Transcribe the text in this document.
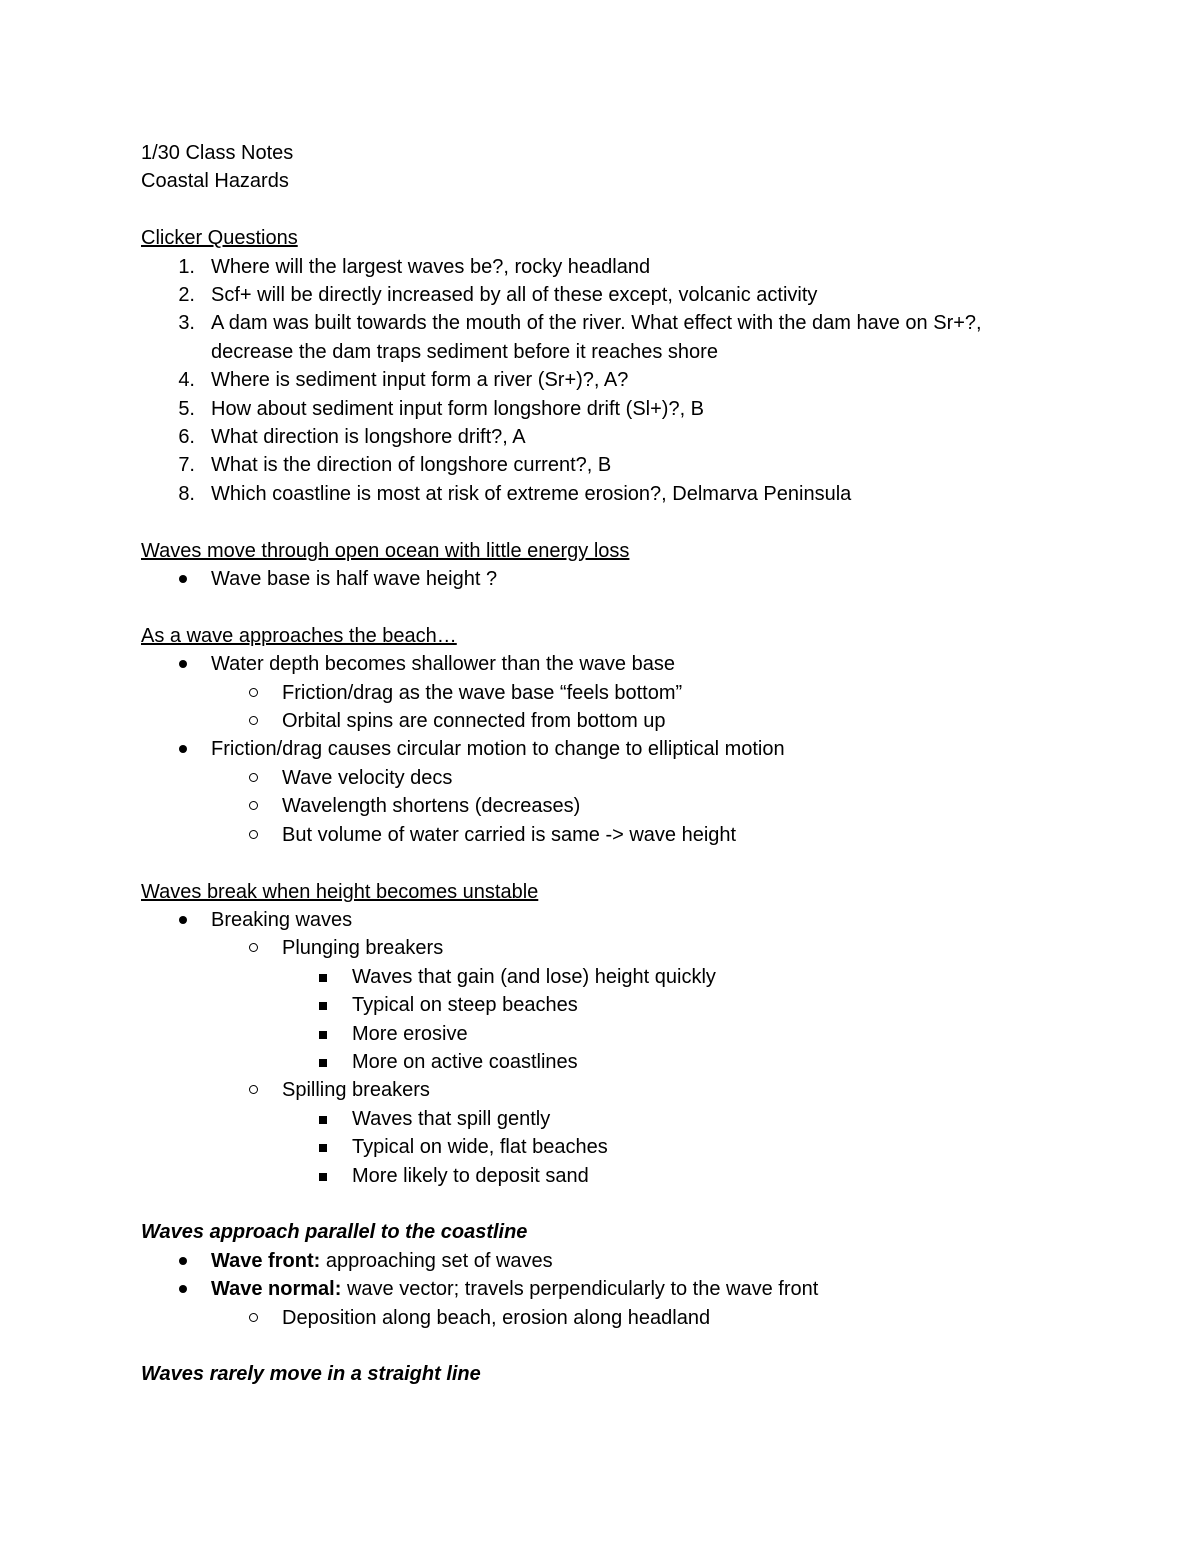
1/30 Class Notes
Coastal Hazards
Clicker Questions
1. Where will the largest waves be?, rocky headland
2. Scf+ will be directly increased by all of these except, volcanic activity
3. A dam was built towards the mouth of the river. What effect with the dam have on Sr+?,
decrease the dam traps sediment before it reaches shore
4. Where is sediment input form a river (Sr+)?, A?
5. How about sediment input form longshore drift (Sl+)?, B
6. What direction is longshore drift?, A
7. What is the direction of longshore current?, B
8. Which coastline is most at risk of extreme erosion?, Delmarva Peninsula
Waves move through open ocean with little energy loss
Wave base is half wave height ?
As a wave approaches the beach…
Water depth becomes shallower than the wave base
Friction/drag as the wave base “feels bottom”
Orbital spins are connected from bottom up
Friction/drag causes circular motion to change to elliptical motion
Wave velocity decs
Wavelength shortens (decreases)
But volume of water carried is same -> wave height
Waves break when height becomes unstable
Breaking waves
Plunging breakers
Waves that gain (and lose) height quickly
Typical on steep beaches
More erosive
More on active coastlines
Spilling breakers
Waves that spill gently
Typical on wide, flat beaches
More likely to deposit sand
Waves approach parallel to the coastline
Wave front: approaching set of waves
Wave normal: wave vector; travels perpendicularly to the wave front
Deposition along beach, erosion along headland
Waves rarely move in a straight line
